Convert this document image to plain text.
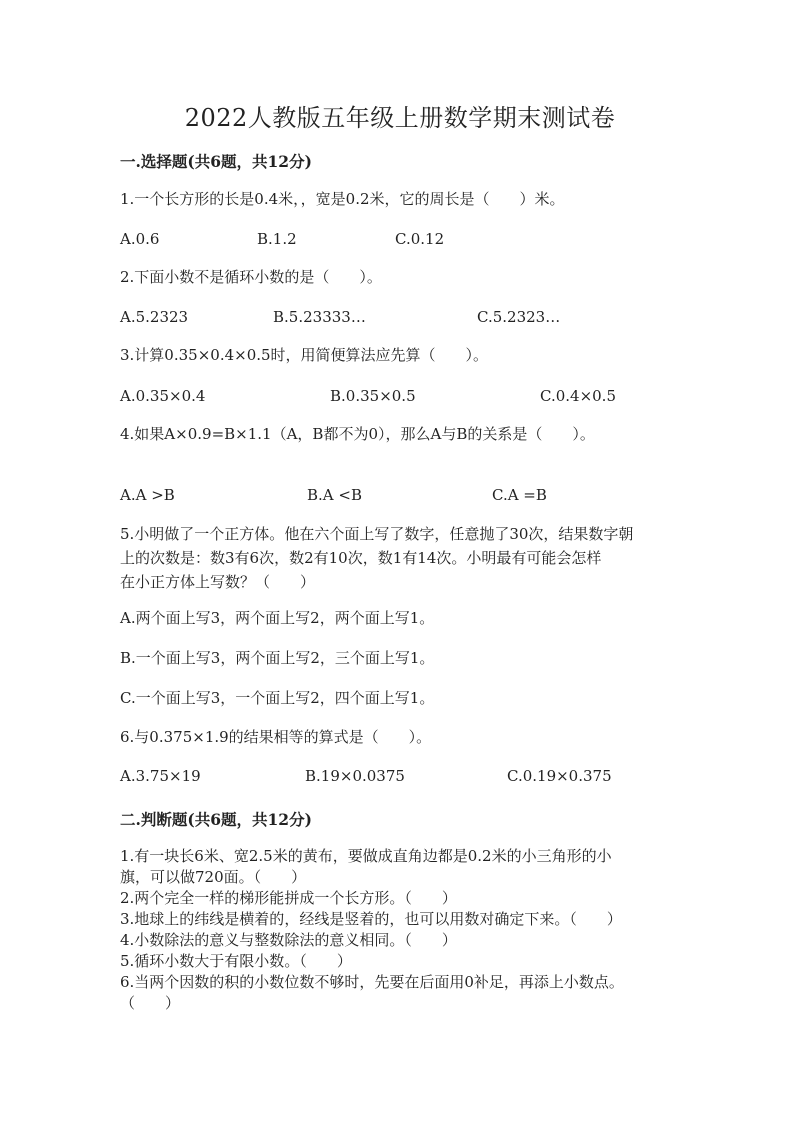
2022人教版五年级上册数学期末测试卷
一.选择题(共6题，共12分)
1.一个长方形的长是0.4米，，宽是0.2米，它的周长是（　　）米。
A.0.6	B.1.2	C.0.12
2.下面小数不是循环小数的是（　　）。
A.5.2323	B.5.23333…	C.5.2323…
3.计算0.35×0.4×0.5时，用简便算法应先算（　　）。
A.0.35×0.4	B.0.35×0.5	C.0.4×0.5
4.如果A×0.9=B×1.1（A，B都不为0），那么A与B的关系是（　　）。
A.A >B	B.A <B	C.A =B
5.小明做了一个正方体。他在六个面上写了数字，任意抛了30次，结果数字朝
上的次数是：数3有6次，数2有10次，数1有14次。小明最有可能会怎样
在小正方体上写数？（　　）
A.两个面上写3，两个面上写2，两个面上写1。
B.一个面上写3，两个面上写2，三个面上写1。
C.一个面上写3，一个面上写2，四个面上写1。
6.与0.375×1.9的结果相等的算式是（　　）。
A.3.75×19	B.19×0.0375	C.0.19×0.375
二.判断题(共6题，共12分)
1.有一块长6米、宽2.5米的黄布，要做成直角边都是0.2米的小三角形的小
旗，可以做720面。（　　）
2.两个完全一样的梯形能拼成一个长方形。（　　）
3.地球上的纬线是横着的，经线是竖着的，也可以用数对确定下来。（　　）
4.小数除法的意义与整数除法的意义相同。（　　）
5.循环小数大于有限小数。（　　）
6.当两个因数的积的小数位数不够时，先要在后面用0补足，再添上小数点。
（　　）
